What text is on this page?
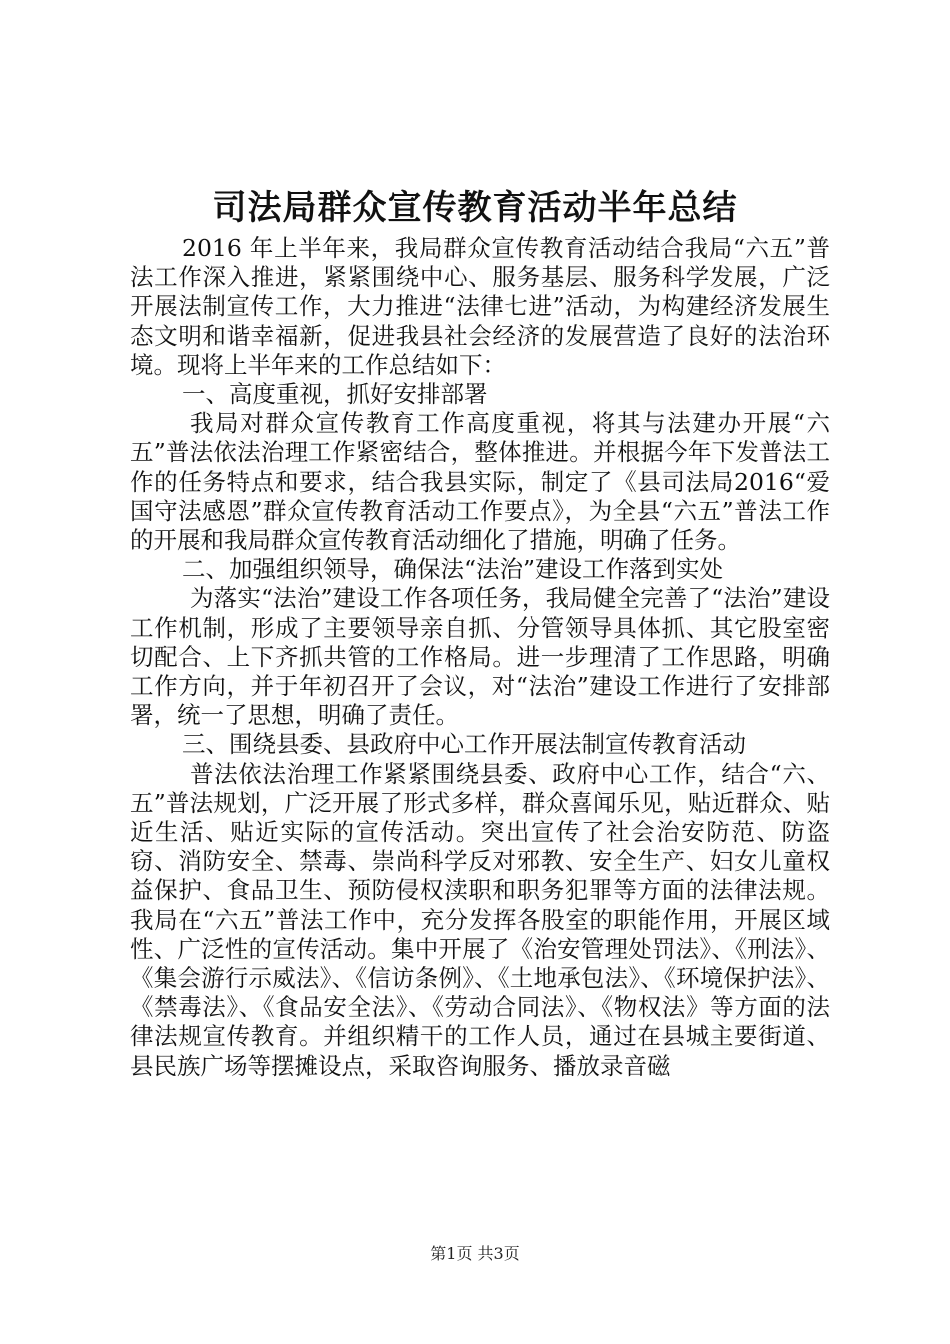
司法局群众宣传教育活动半年总结

2016 年上半年来，我局群众宣传教育活动结合我局“六五”普法工作深入推进，紧紧围绕中心、服务基层、服务科学发展，广泛开展法制宣传工作，大力推进“法律七进”活动，为构建经济发展生态文明和谐幸福新，促进我县社会经济的发展营造了良好的法治环境。现将上半年来的工作总结如下：

一、高度重视，抓好安排部署

我局对群众宣传教育工作高度重视，将其与法建办开展“六五”普法依法治理工作紧密结合，整体推进。并根据今年下发普法工作的任务特点和要求，结合我县实际，制定了《县司法局2016“爱国守法感恩”群众宣传教育活动工作要点》，为全县“六五”普法工作的开展和我局群众宣传教育活动细化了措施，明确了任务。

二、加强组织领导，确保法“法治”建设工作落到实处

为落实“法治”建设工作各项任务，我局健全完善了“法治”建设工作机制，形成了主要领导亲自抓、分管领导具体抓、其它股室密切配合、上下齐抓共管的工作格局。进一步理清了工作思路，明确工作方向，并于年初召开了会议，对“法治”建设工作进行了安排部署，统一了思想，明确了责任。

三、围绕县委、县政府中心工作开展法制宣传教育活动

普法依法治理工作紧紧围绕县委、政府中心工作，结合“六、五”普法规划，广泛开展了形式多样，群众喜闻乐见，贴近群众、贴近生活、贴近实际的宣传活动。突出宣传了社会治安防范、防盗窃、消防安全、禁毒、崇尚科学反对邪教、安全生产、妇女儿童权益保护、食品卫生、预防侵权渎职和职务犯罪等方面的法律法规。我局在“六五”普法工作中，充分发挥各股室的职能作用，开展区域性、广泛性的宣传活动。集中开展了《治安管理处罚法》、《刑法》、《集会游行示威法》、《信访条例》、《土地承包法》、《环境保护法》、《禁毒法》、《食品安全法》、《劳动合同法》、《物权法》等方面的法律法规宣传教育。并组织精干的工作人员，通过在县城主要街道、县民族广场等摆摊设点，采取咨询服务、播放录音磁

第1页 共3页
